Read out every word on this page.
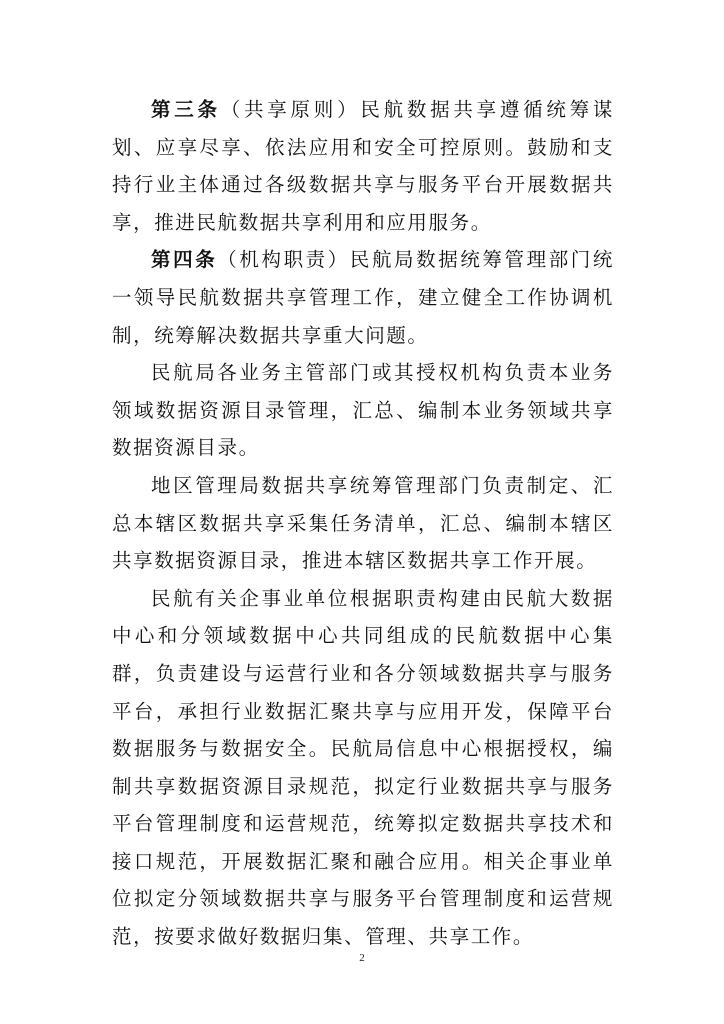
第三条（共享原则）民航数据共享遵循统筹谋划、应享尽享、依法应用和安全可控原则。鼓励和支持行业主体通过各级数据共享与服务平台开展数据共享，推进民航数据共享利用和应用服务。

第四条（机构职责）民航局数据统筹管理部门统一领导民航数据共享管理工作，建立健全工作协调机制，统筹解决数据共享重大问题。

民航局各业务主管部门或其授权机构负责本业务领域数据资源目录管理，汇总、编制本业务领域共享数据资源目录。

地区管理局数据共享统筹管理部门负责制定、汇总本辖区数据共享采集任务清单，汇总、编制本辖区共享数据资源目录，推进本辖区数据共享工作开展。

民航有关企事业单位根据职责构建由民航大数据中心和分领域数据中心共同组成的民航数据中心集群，负责建设与运营行业和各分领域数据共享与服务平台，承担行业数据汇聚共享与应用开发，保障平台数据服务与数据安全。民航局信息中心根据授权，编制共享数据资源目录规范，拟定行业数据共享与服务平台管理制度和运营规范，统筹拟定数据共享技术和接口规范，开展数据汇聚和融合应用。相关企事业单位拟定分领域数据共享与服务平台管理制度和运营规范，按要求做好数据归集、管理、共享工作。

2
